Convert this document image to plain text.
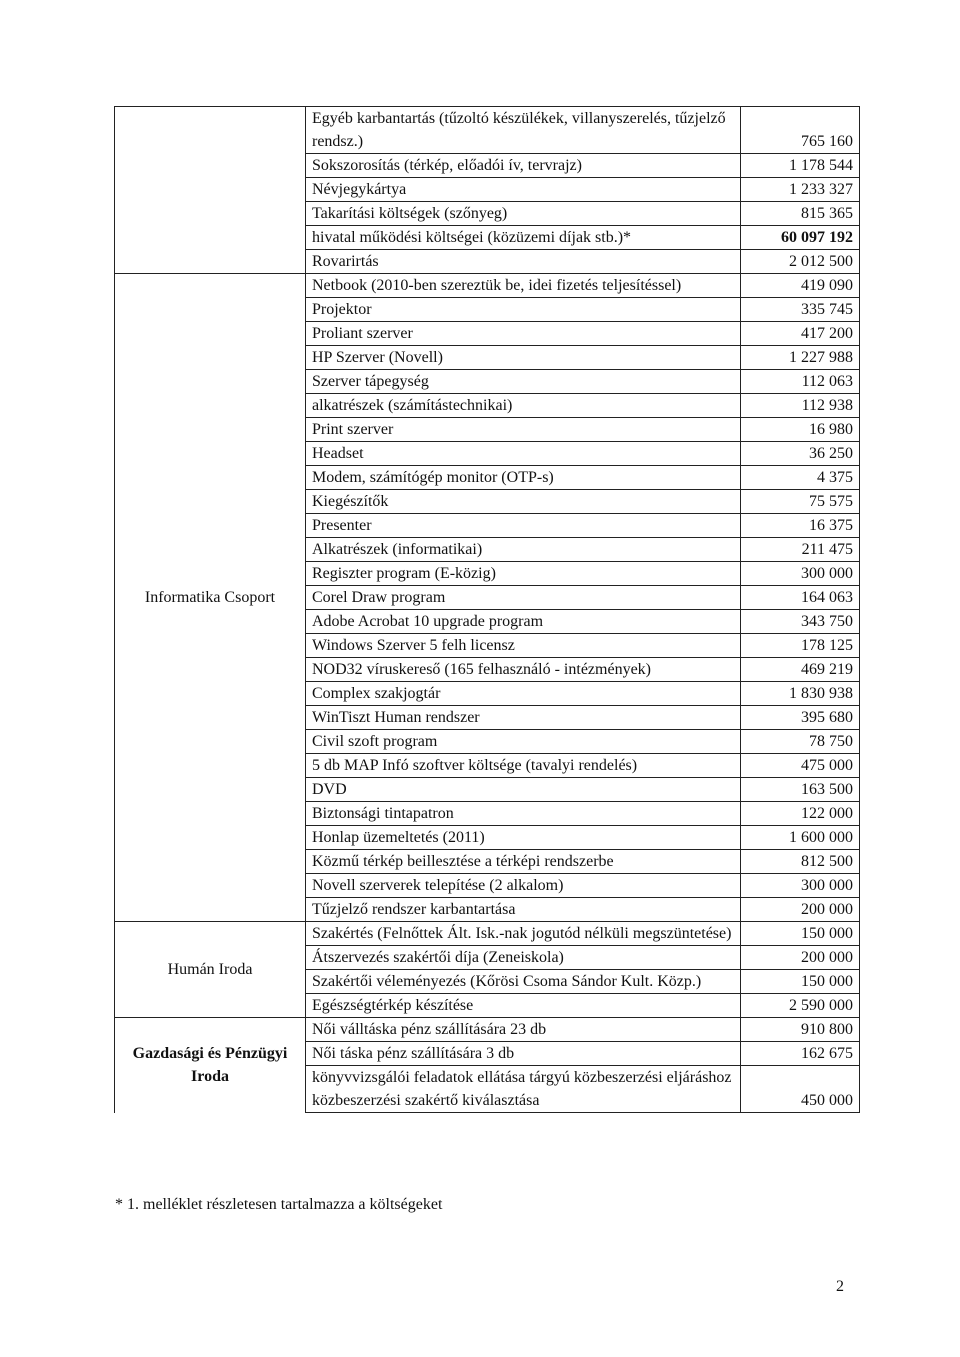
	Egyéb karbantartás (tűzoltó készülékek, villanyszerelés, tűzjelző rendsz.)	765 160
	Sokszorosítás (térkép, előadói ív, tervrajz)	1 178 544
	Névjegykártya	1 233 327
	Takarítási költségek (szőnyeg)	815 365
	hivatal működési költségei (közüzemi díjak stb.)*	60 097 192
	Rovarirtás	2 012 500
Informatika Csoport	Netbook (2010-ben szereztük be, idei fizetés teljesítéssel)	419 090
	Projektor	335 745
	Proliant szerver	417 200
	HP Szerver (Novell)	1 227 988
	Szerver tápegység	112 063
	alkatrészek (számítástechnikai)	112 938
	Print szerver	16 980
	Headset	36 250
	Modem, számítógép monitor (OTP-s)	4 375
	Kiegészítők	75 575
	Presenter	16 375
	Alkatrészek (informatikai)	211 475
	Regiszter program (E-közig)	300 000
	Corel Draw program	164 063
	Adobe Acrobat 10 upgrade program	343 750
	Windows Szerver 5 felh licensz	178 125
	NOD32 víruskereső (165 felhasználó - intézmények)	469 219
	Complex szakjogtár	1 830 938
	WinTiszt Human rendszer	395 680
	Civil szoft program	78 750
	5 db MAP Infó szoftver költsége (tavalyi rendelés)	475 000
	DVD	163 500
	Biztonsági tintapatron	122 000
	Honlap üzemeltetés (2011)	1 600 000
	Közmű térkép beillesztése a térképi rendszerbe	812 500
	Novell szerverek telepítése (2 alkalom)	300 000
	Tűzjelző rendszer karbantartása	200 000
Humán Iroda	Szakértés (Felnőttek Ált. Isk.-nak jogutód nélküli megszüntetése)	150 000
	Átszervezés szakértői díja (Zeneiskola)	200 000
	Szakértői véleményezés (Kőrösi Csoma Sándor Kult. Közp.)	150 000
	Egészségtérkép készítése	2 590 000
Gazdasági és Pénzügyi Iroda	Női válltáska pénz szállítására 23 db	910 800
	Női táska pénz szállítására 3 db	162 675
	könyvvizsgálói feladatok ellátása tárgyú közbeszerzési eljáráshoz közbeszerzési szakértő kiválasztása	450 000
* 1. melléklet részletesen tartalmazza a költségeket
2
